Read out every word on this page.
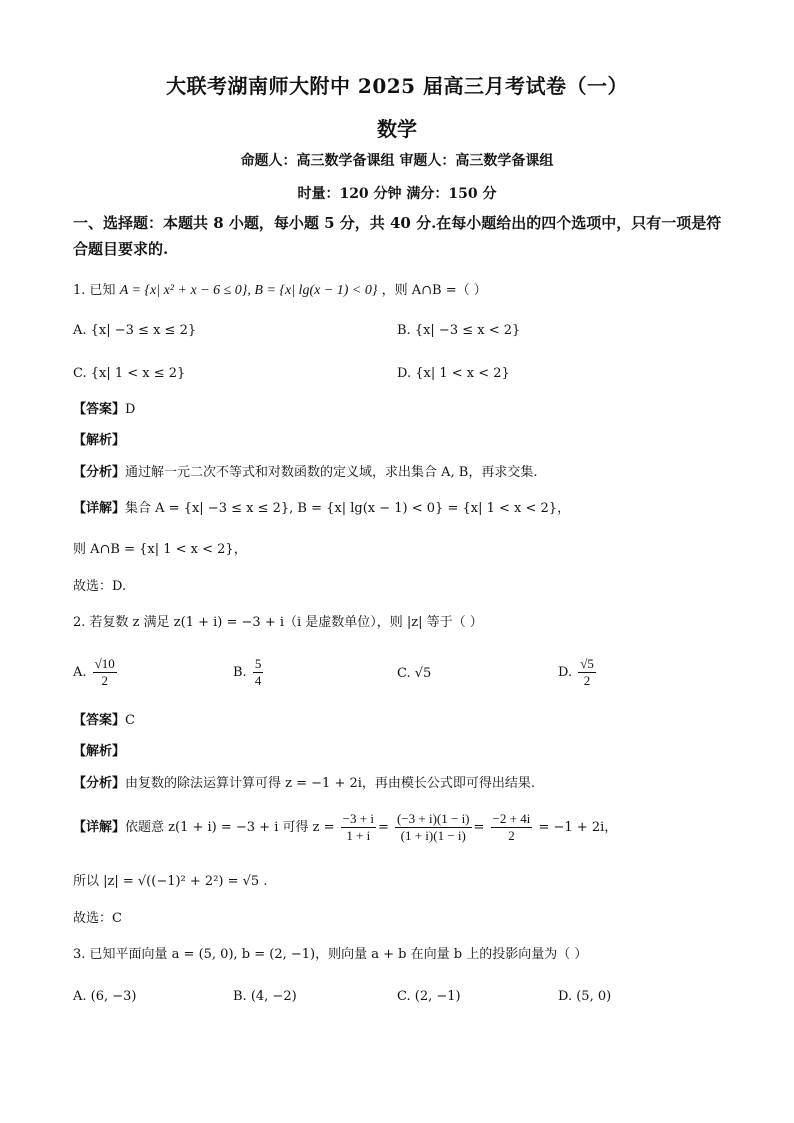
大联考湖南师大附中 2025 届高三月考试卷（一）
数学
命题人：高三数学备课组 审题人：高三数学备课组
时量：120 分钟 满分：150 分
一、选择题：本题共 8 小题，每小题 5 分，共 40 分.在每小题给出的四个选项中，只有一项是符合题目要求的.
1. 已知 A = {x| x² + x − 6 ≤ 0}, B = {x| lg(x − 1) < 0} ，则 A∩B =（ ）
A. {x| −3 ≤ x ≤ 2}	B. {x| −3 ≤ x < 2}
C. {x| 1 < x ≤ 2}	D. {x| 1 < x < 2}
【答案】D
【解析】
【分析】通过解一元二次不等式和对数函数的定义域，求出集合 A, B，再求交集.
【详解】集合 A = {x| −3 ≤ x ≤ 2}, B = {x| lg(x − 1) < 0} = {x| 1 < x < 2}，
则 A∩B = {x| 1 < x < 2}，
故选：D.
2. 若复数 z 满足 z(1 + i) = −3 + i（i 是虚数单位），则 |z| 等于（ ）
A. $\frac{√10}{2}$	B. $\frac{5}{4}$	C. √5	D. $\frac{√5}{2}$
【答案】C
【解析】
【分析】由复数的除法运算计算可得 z = −1 + 2i，再由模长公式即可得出结果.
【详解】依题意 z(1 + i) = −3 + i 可得 $z = \frac{-3 + i}{1 + i} = \frac{(-3 + i)(1 - i)}{(1 + i)(1 - i)} = \frac{-2 + 4i}{2} = -1 + 2i$，
所以 |z| = √((−1)² + 2²) = √5 .
故选：C
3. 已知平面向量 a = (5, 0), b = (2, −1)，则向量 a + b 在向量 b 上的投影向量为（ ）
A. (6, −3)	B. (4, −2)	C. (2, −1)	D. (5, 0)
